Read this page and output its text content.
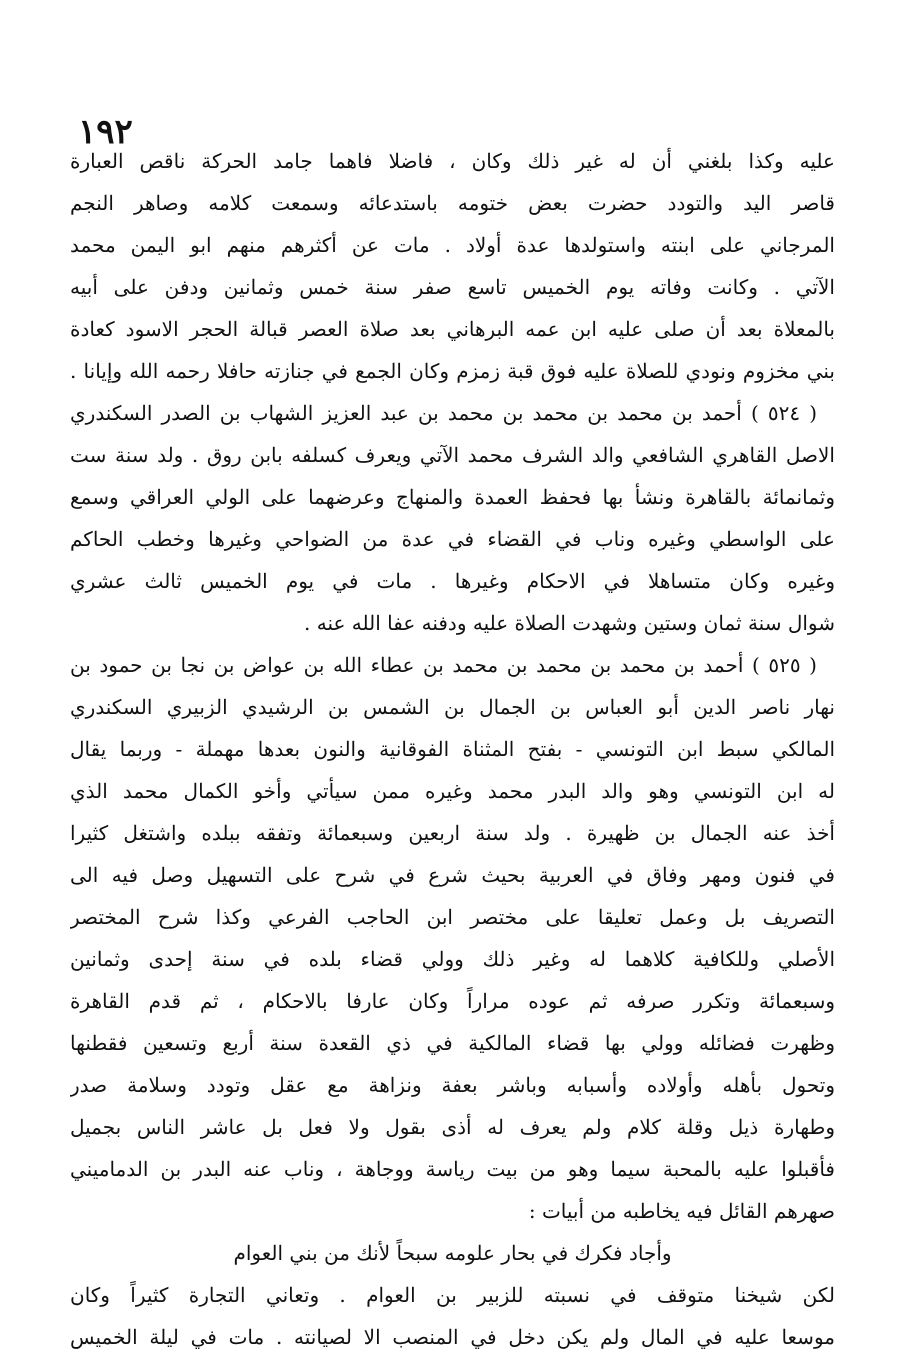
١٩٢
عليه وكذا بلغني أن له غير ذلك وكان ، فاضلا فاهما جامد الحركة ناقص العبارة
قاصر اليد والتودد حضرت بعض ختومه باستدعائه وسمعت كلامه وصاهر النجم
المرجاني على ابنته واستولدها عدة أولاد . مات عن أكثرهم منهم ابو اليمن محمد
الآتي . وكانت وفاته يوم الخميس تاسع صفر سنة خمس وثمانين ودفن على أبيه
بالمعلاة بعد أن صلى عليه ابن عمه البرهاني بعد صلاة العصر قبالة الحجر الاسود كعادة
بني مخزوم ونودي للصلاة عليه فوق قبة زمزم وكان الجمع في جنازته حافلا رحمه الله وإيانا .
( ٥٢٤ ) أحمد بن محمد بن محمد بن محمد بن عبد العزيز الشهاب بن الصدر السكندري
الاصل القاهري الشافعي والد الشرف محمد الآتي ويعرف كسلفه بابن روق . ولد سنة ست
وثمانمائة بالقاهرة ونشأ بها فحفظ العمدة والمنهاج وعرضهما على الولي العراقي وسمع
على الواسطي وغيره وناب في القضاء في عدة من الضواحي وغيرها وخطب الحاكم
وغيره وكان متساهلا في الاحكام وغيرها . مات في يوم الخميس ثالث عشري
شوال سنة ثمان وستين وشهدت الصلاة عليه ودفنه عفا الله عنه .
( ٥٢٥ ) أحمد بن محمد بن محمد بن محمد بن عطاء الله بن عواض بن نجا بن حمود بن
نهار ناصر الدين أبو العباس بن الجمال بن الشمس بن الرشيدي الزبيري السكندري
المالكي سبط ابن التونسي - بفتح المثناة الفوقانية والنون بعدها مهملة - وربما يقال
له ابن التونسي وهو والد البدر محمد وغيره ممن سيأتي وأخو الكمال محمد الذي
أخذ عنه الجمال بن ظهيرة . ولد سنة اربعين وسبعمائة وتفقه ببلده واشتغل كثيرا
في فنون ومهر وفاق في العربية بحيث شرع في شرح على التسهيل وصل فيه الى
التصريف بل وعمل تعليقا على مختصر ابن الحاجب الفرعي وكذا شرح المختصر
الأصلي وللكافية كلاهما له وغير ذلك وولي قضاء بلده في سنة إحدى وثمانين
وسبعمائة وتكرر صرفه ثم عوده مراراً وكان عارفا بالاحكام ، ثم قدم القاهرة
وظهرت فضائله وولي بها قضاء المالكية في ذي القعدة سنة أربع وتسعين فقطنها
وتحول بأهله وأولاده وأسبابه وباشر بعفة ونزاهة مع عقل وتودد وسلامة صدر
وطهارة ذيل وقلة كلام ولم يعرف له أذى بقول ولا فعل بل عاشر الناس بجميل
فأقبلوا عليه بالمحبة سيما وهو من بيت رياسة ووجاهة ، وناب عنه البدر بن الدماميني
صهرهم القائل فيه يخاطبه من أبيات :
وأجاد فكرك في بحار علومه سبحاً لأنك من بني العوام
لكن شيخنا متوقف في نسبته للزبير بن العوام . وتعاني التجارة كثيراً وكان
موسعا عليه في المال ولم يكن دخل في المنصب الا لصيانته . مات في ليلة الخميس
